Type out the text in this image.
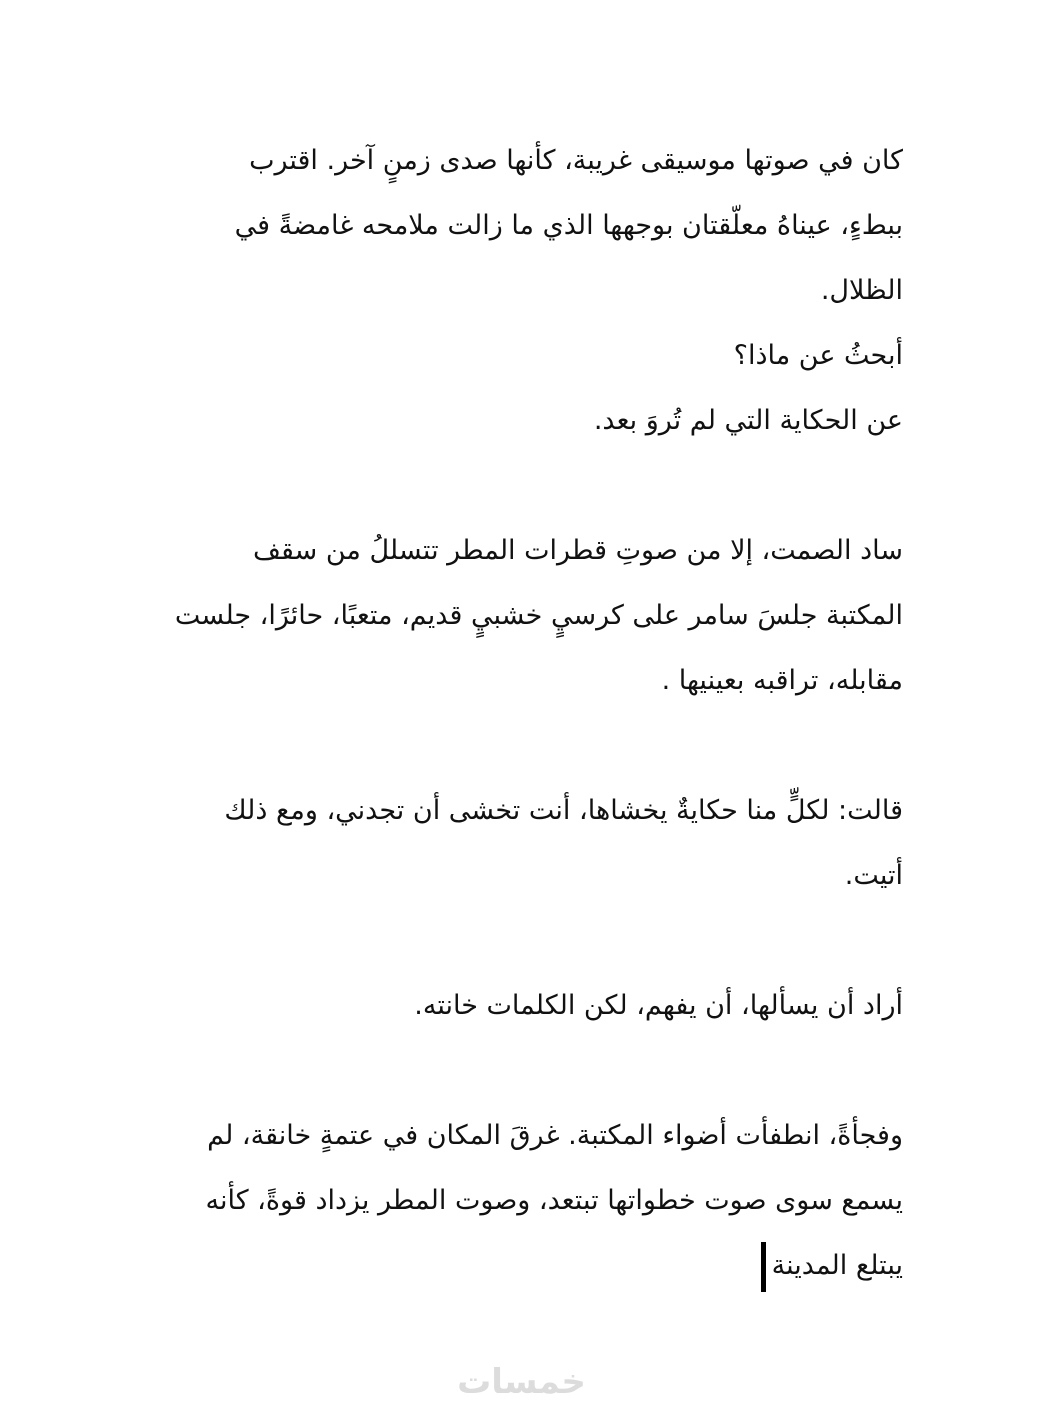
كان في صوتها موسيقى غريبة، كأنها صدى زمنٍ آخر. اقترب
ببطءٍ، عيناهُ معلّقتان بوجهها الذي ما زالت ملامحه غامضةً في
الظلال.
أبحثُ عن ماذا؟
عن الحكاية التي لم تُروَ بعد.
ساد الصمت، إلا من صوتِ قطرات المطر تتسللُ من سقف
المكتبة جلسَ سامر على كرسيٍ خشبيٍ قديم، متعبًا، حائرًا، جلست
مقابله، تراقبه بعينيها .
قالت: لكلٍّ منا حكايةٌ يخشاها، أنت تخشى أن تجدني، ومع ذلك
أتيت.
أراد أن يسألها، أن يفهم، لكن الكلمات خانته.
وفجأةً، انطفأت أضواء المكتبة. غرقَ المكان في عتمةٍ خانقة، لم
يسمع سوى صوت خطواتها تبتعد، وصوت المطر يزداد قوةً، كأنه
يبتلع المدينة
خمسات
